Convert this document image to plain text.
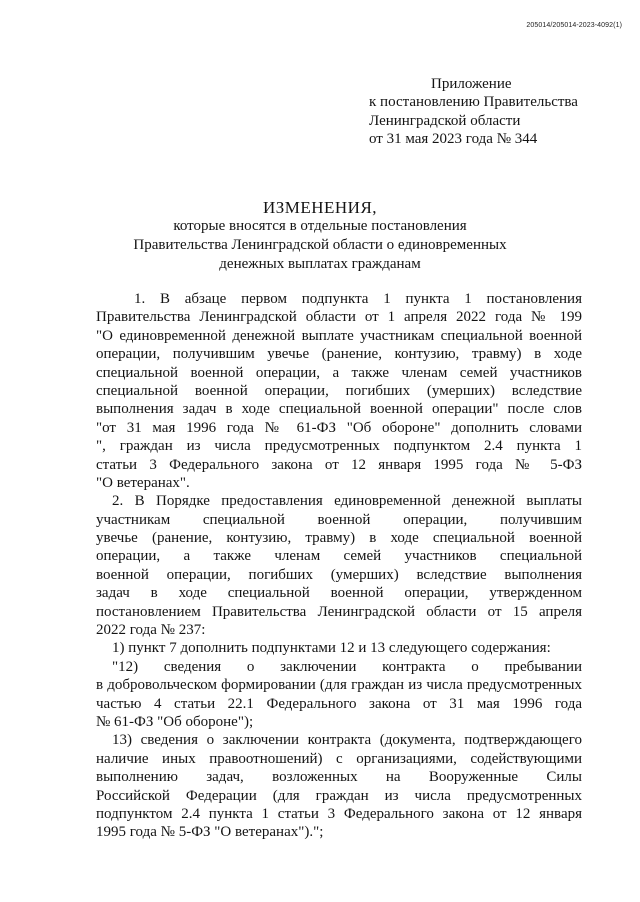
205014/205014-2023-4092(1)
Приложение
к постановлению Правительства
Ленинградской области
от 31 мая 2023 года № 344
ИЗМЕНЕНИЯ,
которые вносятся в отдельные постановления
Правительства Ленинградской области о единовременных
денежных выплатах гражданам
1. В абзаце первом подпункта 1 пункта 1 постановления
Правительства Ленинградской области от 1 апреля 2022 года № 199
"О единовременной денежной выплате участникам специальной военной
операции, получившим увечье (ранение, контузию, травму) в ходе
специальной военной операции, а также членам семей участников
специальной военной операции, погибших (умерших) вследствие
выполнения задач в ходе специальной военной операции" после слов
"от 31 мая 1996 года № 61-ФЗ "Об обороне" дополнить словами
", граждан из числа предусмотренных подпунктом 2.4 пункта 1
статьи 3 Федерального закона от 12 января 1995 года № 5-ФЗ
"О ветеранах".
2. В Порядке предоставления единовременной денежной выплаты
участникам специальной военной операции, получившим
увечье (ранение, контузию, травму) в ходе специальной военной
операции, а также членам семей участников специальной
военной операции, погибших (умерших) вследствие выполнения
задач в ходе специальной военной операции, утвержденном
постановлением Правительства Ленинградской области от 15 апреля
2022 года № 237:
1) пункт 7 дополнить подпунктами 12 и 13 следующего содержания:
"12) сведения о заключении контракта о пребывании
в добровольческом формировании (для граждан из числа предусмотренных
частью 4 статьи 22.1 Федерального закона от 31 мая 1996 года
№ 61-ФЗ "Об обороне");
13) сведения о заключении контракта (документа, подтверждающего
наличие иных правоотношений) с организациями, содействующими
выполнению задач, возложенных на Вооруженные Силы
Российской Федерации (для граждан из числа предусмотренных
подпунктом 2.4 пункта 1 статьи 3 Федерального закона от 12 января
1995 года № 5-ФЗ "О ветеранах").";
